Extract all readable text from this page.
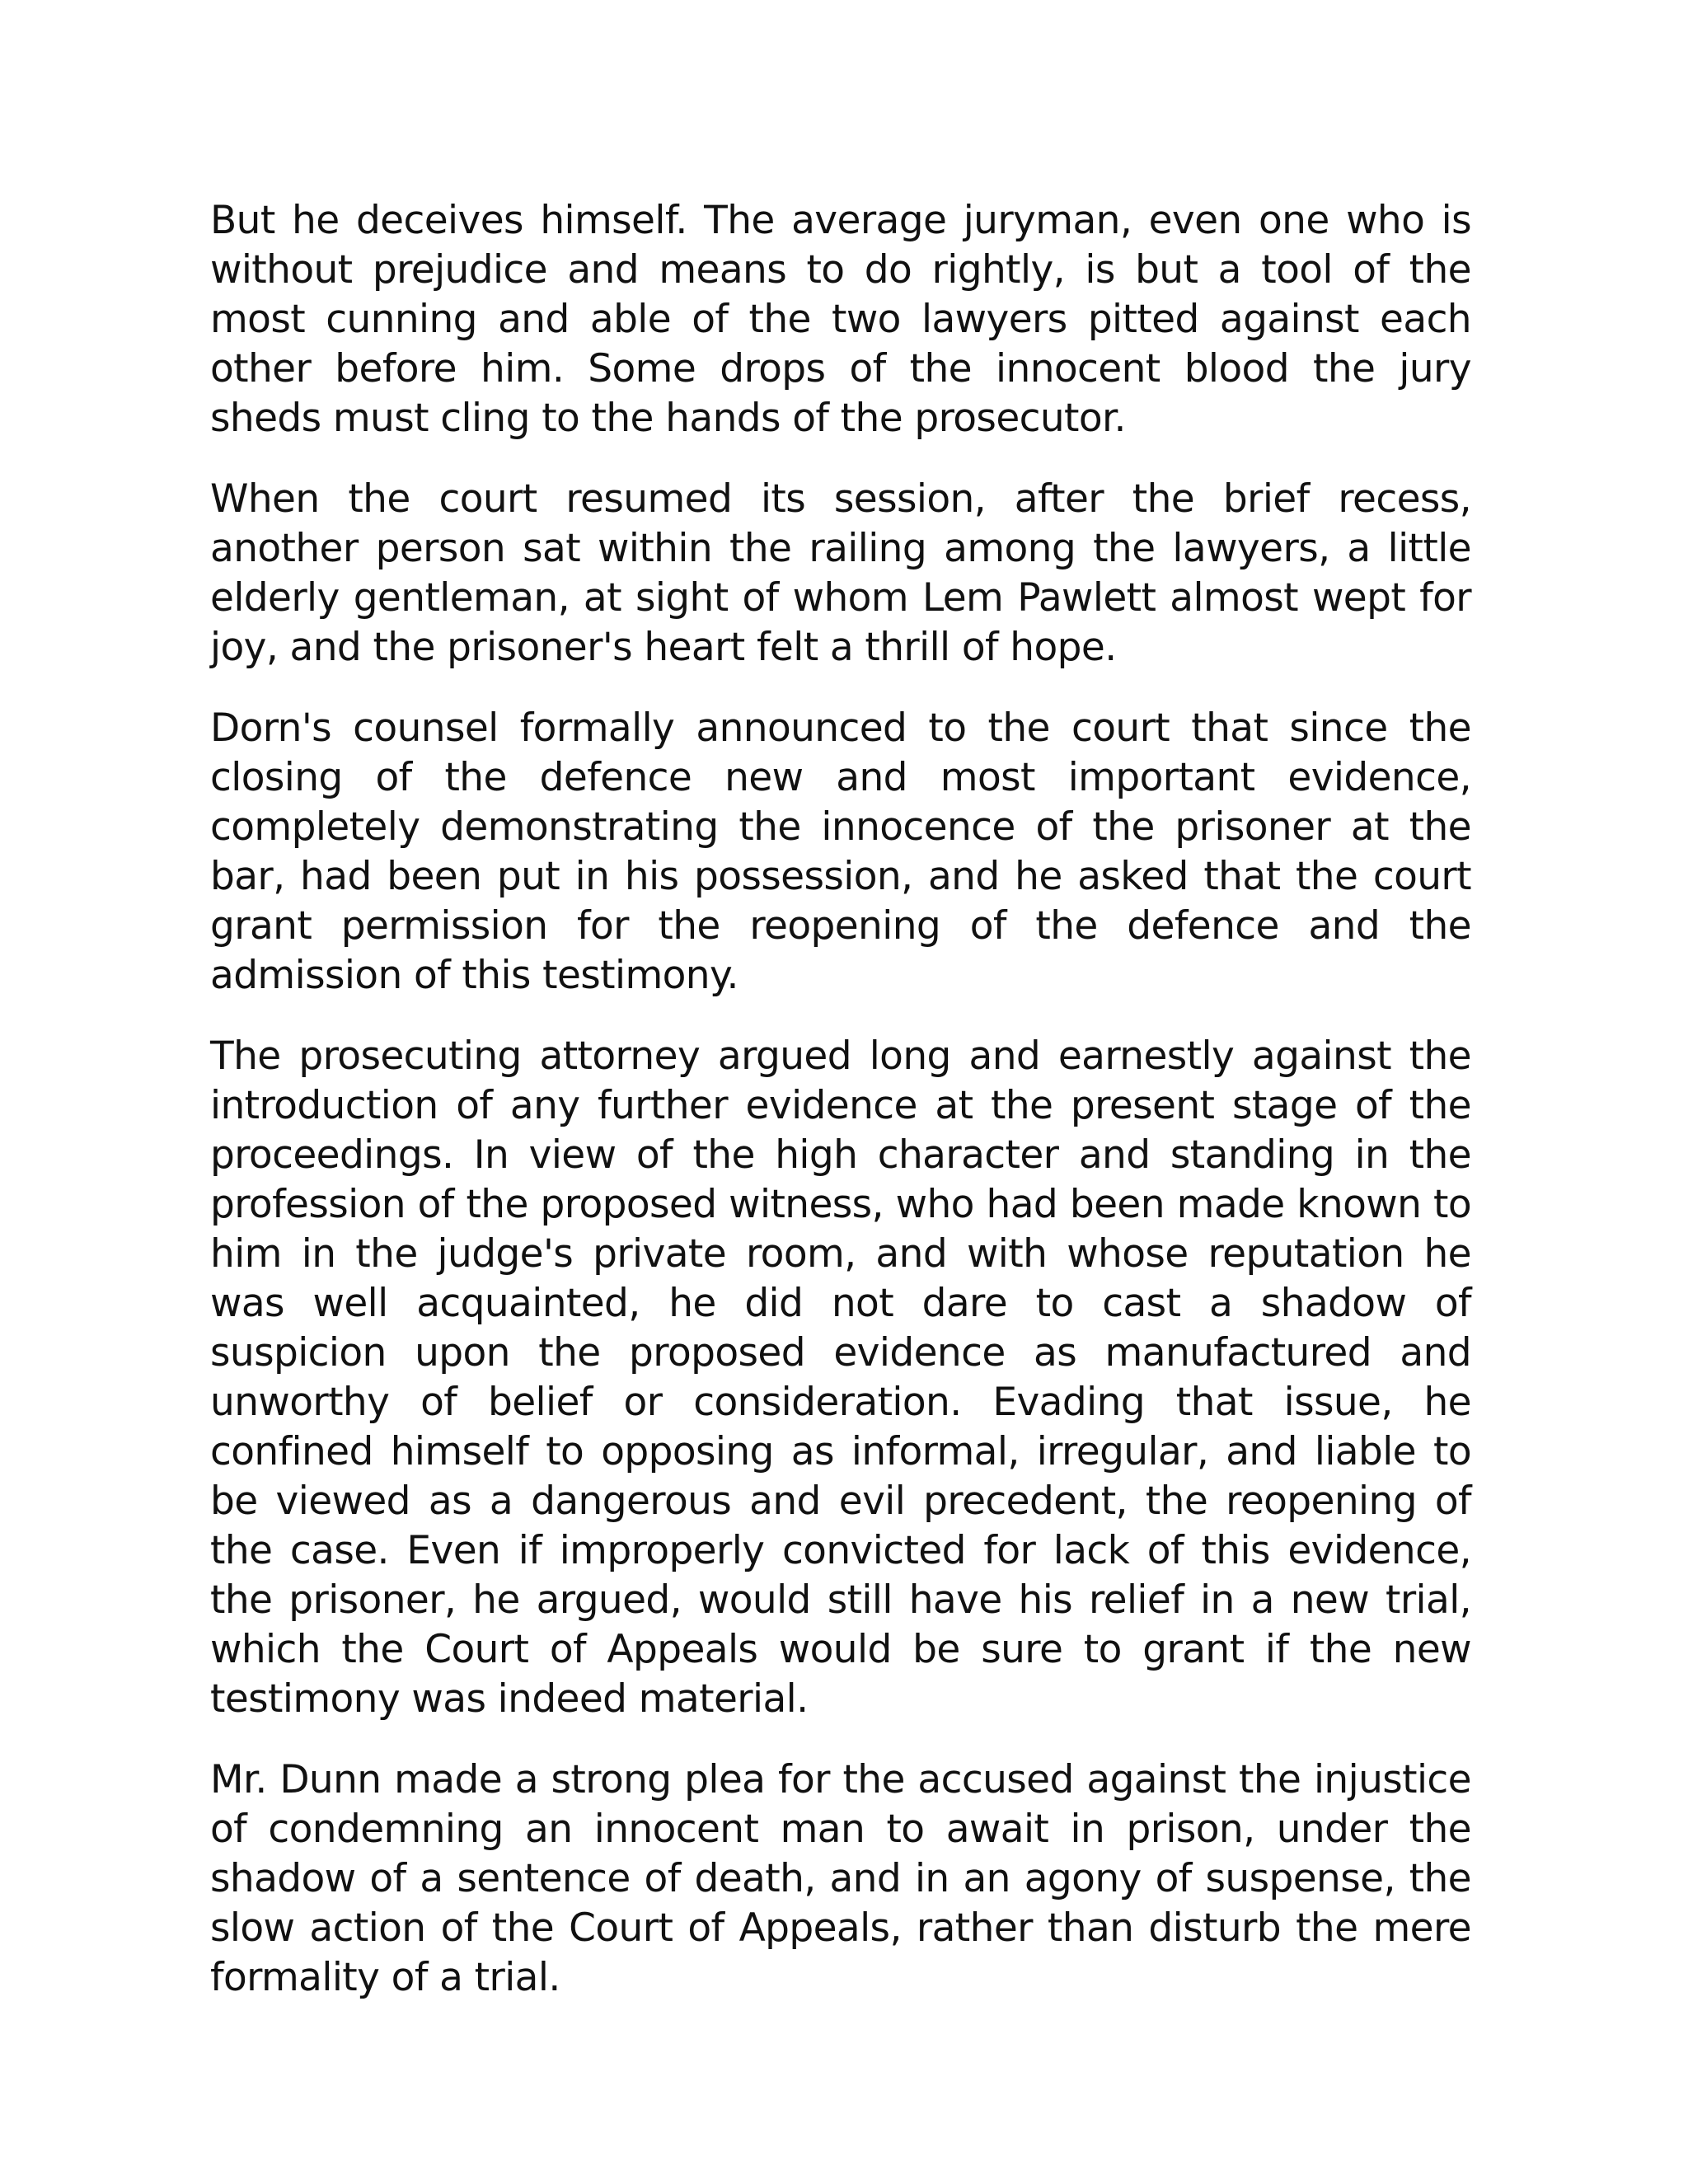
But he deceives himself. The average juryman, even one who is without prejudice and means to do rightly, is but a tool of the most cunning and able of the two lawyers pitted against each other before him. Some drops of the innocent blood the jury sheds must cling to the hands of the prosecutor.

When the court resumed its session, after the brief recess, another person sat within the railing among the lawyers, a little elderly gentleman, at sight of whom Lem Pawlett almost wept for joy, and the prisoner's heart felt a thrill of hope.

Dorn's counsel formally announced to the court that since the closing of the defence new and most important evidence, completely demonstrating the innocence of the prisoner at the bar, had been put in his possession, and he asked that the court grant permission for the reopening of the defence and the admission of this testimony.

The prosecuting attorney argued long and earnestly against the introduction of any further evidence at the present stage of the proceedings. In view of the high character and standing in the profession of the proposed witness, who had been made known to him in the judge's private room, and with whose reputation he was well acquainted, he did not dare to cast a shadow of suspicion upon the proposed evidence as manufactured and unworthy of belief or consideration. Evading that issue, he confined himself to opposing as informal, irregular, and liable to be viewed as a dangerous and evil precedent, the reopening of the case. Even if improperly convicted for lack of this evidence, the prisoner, he argued, would still have his relief in a new trial, which the Court of Appeals would be sure to grant if the new testimony was indeed material.

Mr. Dunn made a strong plea for the accused against the injustice of condemning an innocent man to await in prison, under the shadow of a sentence of death, and in an agony of suspense, the slow action of the Court of Appeals, rather than disturb the mere formality of a trial.
